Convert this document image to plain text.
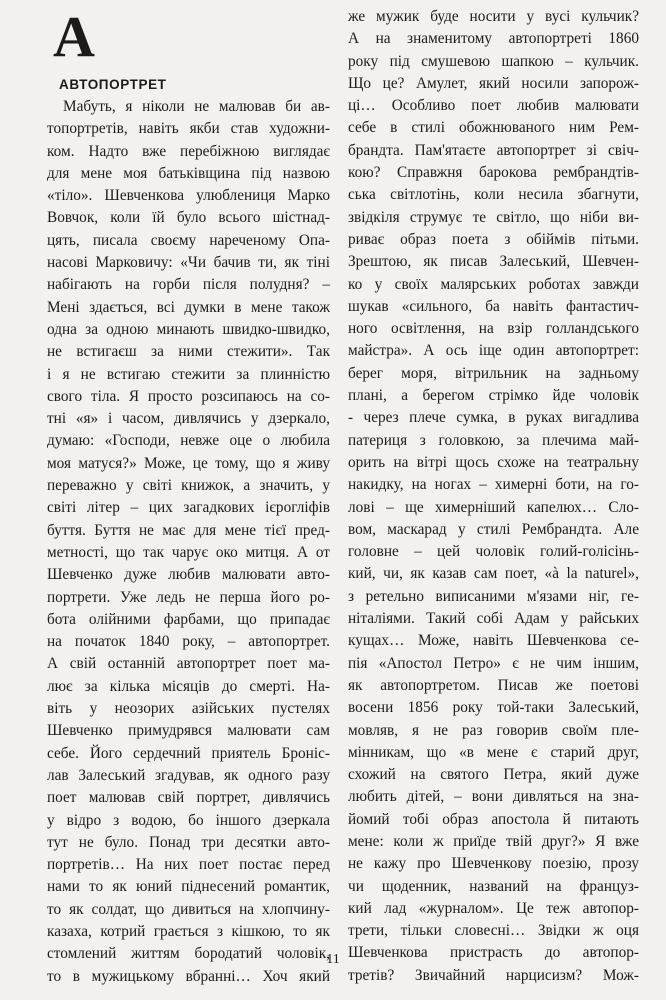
А
АВТОПОРТРЕТ
Мабуть, я ніколи не малював би ав-
топортретів, навіть якби став художни-
ком. Надто вже перебіжною виглядає
для мене моя батьківщина під назвою
«тіло». Шевченкова улюблениця Марко
Вовчок, коли їй було всього шістнад-
цять, писала своєму нареченому Опа-
насові Марковичу: «Чи бачив ти, як тіні
набігають на горби після полудня? –
Мені здається, всі думки в мене також
одна за одною минають швидко-швидко,
не встигаєш за ними стежити». Так
і я не встигаю стежити за плинністю
свого тіла. Я просто розсипаюсь на со-
тні «я» і часом, дивлячись у дзеркало,
думаю: «Господи, невже оце о любила
моя матуся?» Може, це тому, що я живу
переважно у світі книжок, а значить, у
світі літер – цих загадкових ієрогліфів
буття. Буття не має для мене тієї пред-
метності, що так чарує око митця. А от
Шевченко дуже любив малювати авто-
портрети. Уже ледь не перша його ро-
бота олійними фарбами, що припадає
на початок 1840 року, – автопортрет.
А свій останній автопортрет поет ма-
лює за кілька місяців до смерті. На-
віть у неозорих азійських пустелях
Шевченко примудрявся малювати сам
себе. Його сердечний приятель Броніс-
лав Залеський згадував, як одного разу
поет малював свій портрет, дивлячись
у відро з водою, бо іншого дзеркала
тут не було. Понад три десятки авто-
портретів… На них поет постає перед
нами то як юний піднесений романтик,
то як солдат, що дивиться на хлопчину-
казаха, котрий грається з кішкою, то як
стомлений життям бородатий чоловік,
то в мужицькому вбранні… Хоч який
же мужик буде носити у вусі кульчик?
А на знаменитому автопортреті 1860
року під смушевою шапкою – кульчик.
Що це? Амулет, який носили запорож-
ці… Особливо поет любив малювати
себе в стилі обожнюваного ним Рем-
брандта. Пам'ятаєте автопортрет зі свіч-
кою? Справжня барокова рембрандтів-
ська світлотінь, коли несила збагнути,
звідкіля струмує те світло, що ніби ви-
риває образ поета з обіймів пітьми.
Зрештою, як писав Залеський, Шевчен-
ко у своїх малярських роботах завжди
шукав «сильного, ба навіть фантастич-
ного освітлення, на взір голландського
майстра». А ось іще один автопортрет:
берег моря, вітрильник на задньому
плані, а берегом стрімко йде чоловік
- через плече сумка, в руках вигадлива
патериця з головкою, за плечима май-
орить на вітрі щось схоже на театральну
накидку, на ногах – химерні боти, на го-
лові – ще химерніший капелюх… Сло-
вом, маскарад у стилі Рембрандта. Але
головне – цей чоловік голий-голісінь-
кий, чи, як казав сам поет, «à la naturel»,
з ретельно виписаними м'язами ніг, ге-
ніталіями. Такий собі Адам у райських
кущах… Може, навіть Шевченкова се-
пія «Апостол Петро» є не чим іншим,
як автопортретом. Писав же поетові
восени 1856 року той-таки Залеський,
мовляв, я не раз говорив своїм пле-
мінникам, що «в мене є старий друг,
схожий на святого Петра, який дуже
любить дітей, – вони дивляться на зна-
йомий тобі образ апостола й питають
мене: коли ж приїде твій друг?» Я вже
не кажу про Шевченкову поезію, прозу
чи щоденник, названий на француз-
кий лад «журналом». Це теж автопор-
трети, тільки словесні… Звідки ж оця
Шевченкова пристрасть до автопор-
третів? Звичайний нарцисизм? Мож-
11
